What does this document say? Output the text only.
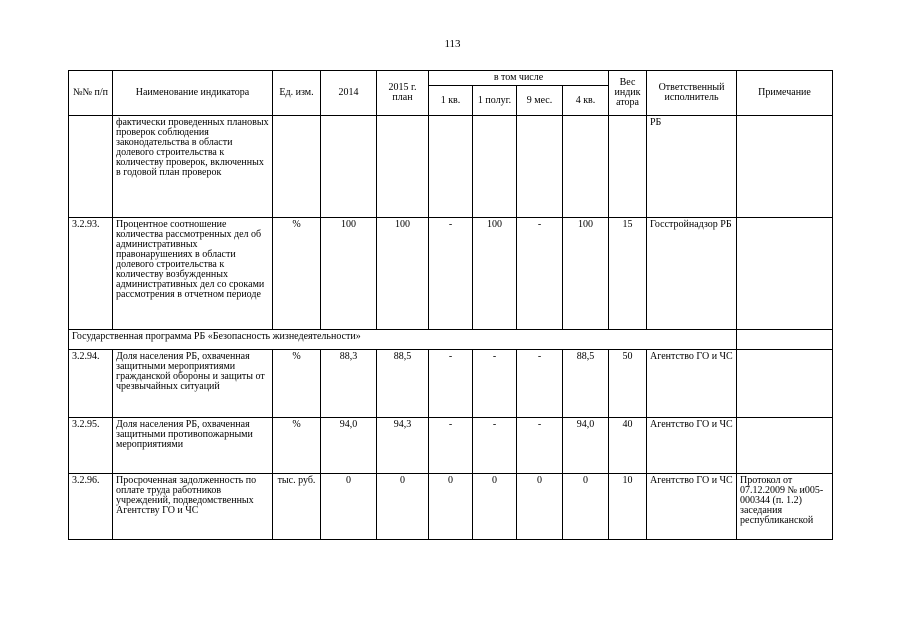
113
№№ п/п	Наименование индикатора	Ед. изм.	2014	2015 г. план	в том числе				Вес индик атора	Ответственный исполнитель	Примечание
					1 кв.	1 полуг.	9 мес.	4 кв.			
	фактически проведенных плановых проверок соблюдения законодательства в области долевого строительства к количеству проверок, включенных в годовой план проверок									РБ	
3.2.93.	Процентное соотношение количества рассмотренных дел об административных правонарушениях в области долевого строительства к количеству возбужденных административных дел со сроками рассмотрения в отчетном периоде	%	100	100	-	100	-	100	15	Госстройнадзор РБ	
Государственная программа РБ «Безопасность жизнедеятельности»											
3.2.94.	Доля населения РБ, охваченная защитными мероприятиями гражданской обороны и защиты от чрезвычайных ситуаций	%	88,3	88,5	-	-	-	88,5	50	Агентство ГО и ЧС	
3.2.95.	Доля населения РБ, охваченная защитными противопожарными мероприятиями	%	94,0	94,3	-	-	-	94,0	40	Агентство ГО и ЧС	
3.2.96.	Просроченная задолженность по оплате труда работников учреждений, подведомственных Агентству ГО и ЧС	тыс. руб.	0	0	0	0	0	0	10	Агентство ГО и ЧС	Протокол от 07.12.2009 № и005-000344 (п. 1.2) заседания республиканской
